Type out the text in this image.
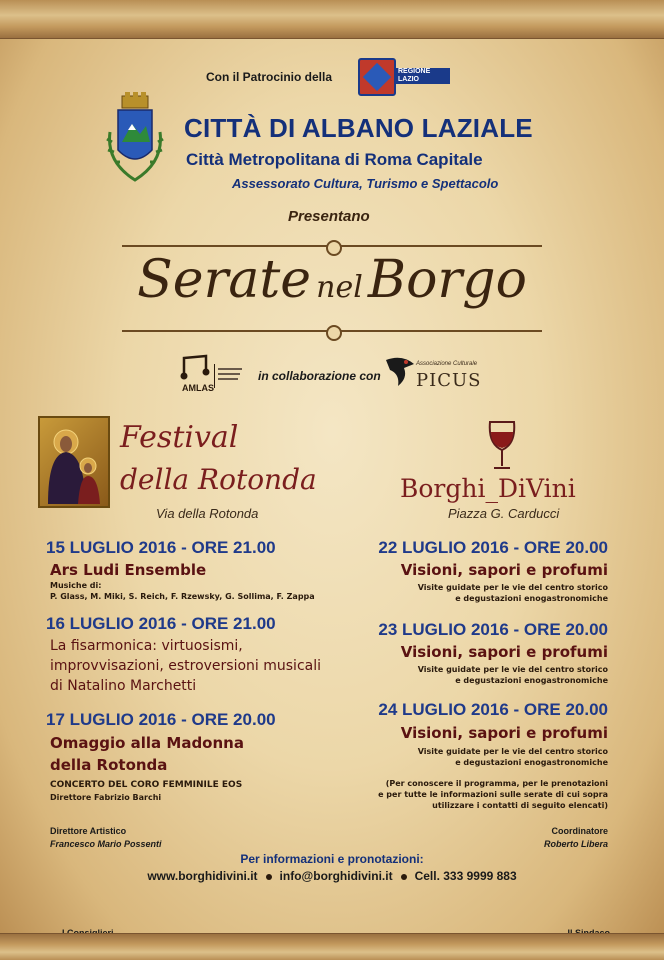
Con il Patrocinio della	REGIONE LAZIO
CITTÀ DI ALBANO LAZIALE
Città Metropolitana di Roma Capitale
Assessorato Cultura, Turismo e Spettacolo
Presentano
Serate nel Borgo
AMLAS
in collaborazione con
Associazione Culturale
PICUS
Festival
della Rotonda
Via della Rotonda
Borghi_DiVini
Piazza G. Carducci
15 LUGLIO 2016 - ORE 21.00
Ars Ludi Ensemble
Musiche di:
P. Glass, M. Miki, S. Reich, F. Rzewsky, G. Sollima, F. Zappa
16 LUGLIO 2016 - ORE 21.00
La fisarmonica: virtuosismi,
improvvisazioni, estroversioni musicali
di Natalino Marchetti
17 LUGLIO 2016 - ORE 20.00
Omaggio alla Madonna
della Rotonda
CONCERTO DEL CORO FEMMINILE EOS
Direttore Fabrizio Barchi
22 LUGLIO 2016 - ORE 20.00
Visioni, sapori e profumi
Visite guidate per le vie del centro storico
e degustazioni enogastronomiche
23 LUGLIO 2016 - ORE 20.00
Visioni, sapori e profumi
Visite guidate per le vie del centro storico
e degustazioni enogastronomiche
24 LUGLIO 2016 - ORE 20.00
Visioni, sapori e profumi
Visite guidate per le vie del centro storico
e degustazioni enogastronomiche
(Per conoscere il programma, per le prenotazioni
e per tutte le informazioni sulle serate di cui sopra
utilizzare i contatti di seguito elencati)
Direttore Artistico
Francesco Mario Possenti
Coordinatore
Roberto Libera
Per informazioni e pronotazioni:
www.borghidivini.it info@borghidivini.it Cell. 333 9999 883
